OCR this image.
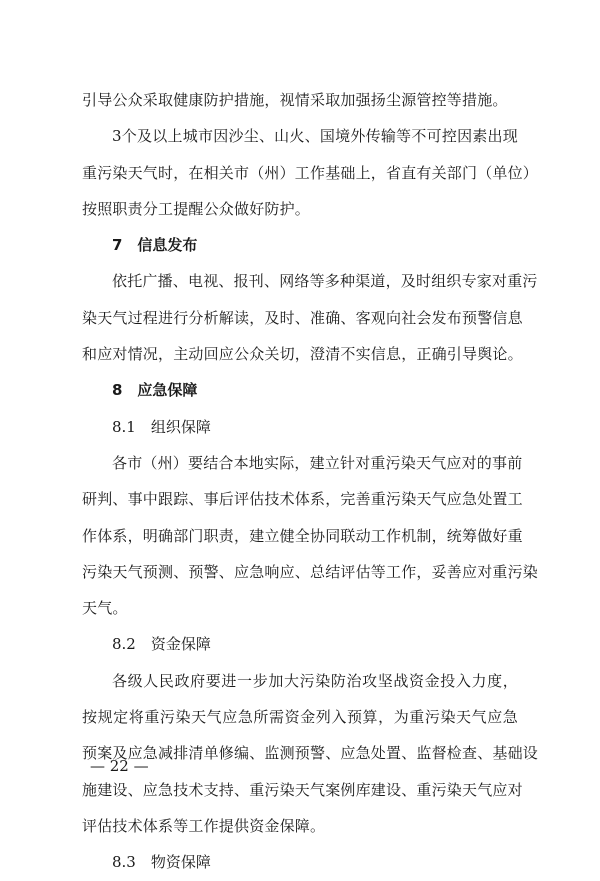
引导公众采取健康防护措施，视情采取加强扬尘源管控等措施。
3个及以上城市因沙尘、山火、国境外传输等不可控因素出现
重污染天气时，在相关市（州）工作基础上，省直有关部门（单位）
按照职责分工提醒公众做好防护。
7　信息发布
依托广播、电视、报刊、网络等多种渠道，及时组织专家对重污
染天气过程进行分析解读，及时、准确、客观向社会发布预警信息
和应对情况，主动回应公众关切，澄清不实信息，正确引导舆论。
8　应急保障
8.1　组织保障
各市（州）要结合本地实际，建立针对重污染天气应对的事前
研判、事中跟踪、事后评估技术体系，完善重污染天气应急处置工
作体系，明确部门职责，建立健全协同联动工作机制，统筹做好重
污染天气预测、预警、应急响应、总结评估等工作，妥善应对重污染
天气。
8.2　资金保障
各级人民政府要进一步加大污染防治攻坚战资金投入力度，
按规定将重污染天气应急所需资金列入预算，为重污染天气应急
预案及应急减排清单修编、监测预警、应急处置、监督检查、基础设
施建设、应急技术支持、重污染天气案例库建设、重污染天气应对
评估技术体系等工作提供资金保障。
8.3　物资保障
— 22 —
